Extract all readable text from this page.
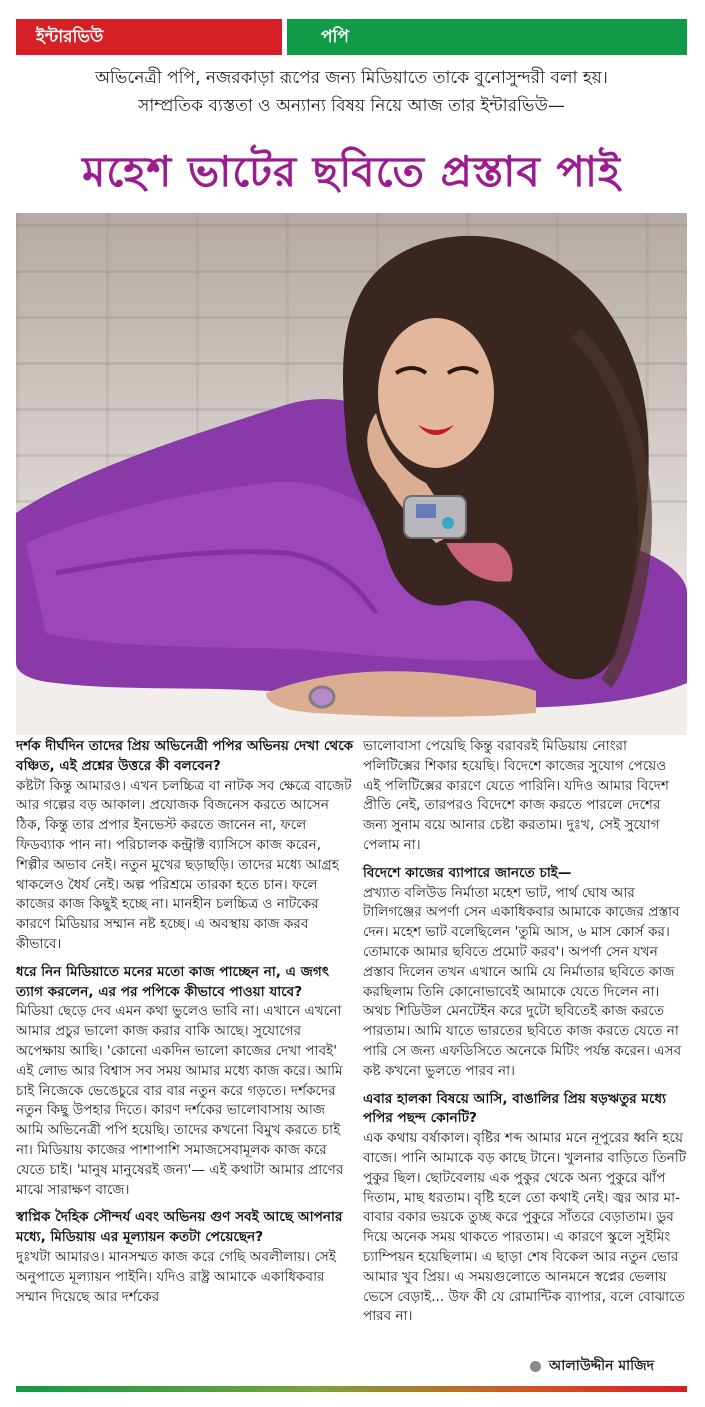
ইন্টারভিউ	পপি
অভিনেত্রী পপি, নজরকাড়া রূপের জন্য মিডিয়াতে তাকে বুনোসুন্দরী বলা হয়।
সাম্প্রতিক ব্যস্ততা ও অন্যান্য বিষয় নিয়ে আজ তার ইন্টারভিউ—
মহেশ ভাটের ছবিতে প্রস্তাব পাই

দর্শক দীর্ঘদিন তাদের প্রিয় অভিনেত্রী পপির অভিনয় দেখা থেকে বঞ্চিত, এই প্রশ্নের উত্তরে কী বলবেন?

কষ্টটা কিন্তু আমারও। এখন চলচ্চিত্র বা নাটক সব ক্ষেত্রে বাজেট আর গল্পের বড় আকাল। প্রযোজক বিজনেস করতে আসেন ঠিক, কিন্তু তার প্রপার ইনভেস্ট করতে জানেন না, ফলে ফিডব্যাক পান না। পরিচালক কন্ট্রাক্ট ব্যাসিসে কাজ করেন, শিল্পীর অভাব নেই। নতুন মুখের ছড়াছড়ি। তাদের মধ্যে আগ্রহ থাকলেও ধৈর্য নেই। অল্প পরিশ্রমে তারকা হতে চান। ফলে কাজের কাজ কিছুই হচ্ছে না। মানহীন চলচ্চিত্র ও নাটকের কারণে মিডিয়ার সম্মান নষ্ট হচ্ছে। এ অবস্থায় কাজ করব কীভাবে।

ধরে নিন মিডিয়াতে মনের মতো কাজ পাচ্ছেন না, এ জগৎ ত্যাগ করলেন, এর পর পপিকে কীভাবে পাওয়া যাবে?

মিডিয়া ছেড়ে দেব এমন কথা ভুলেও ভাবি না। এখানে এখনো আমার প্রচুর ভালো কাজ করার বাকি আছে। সুযোগের অপেক্ষায় আছি। 'কোনো একদিন ভালো কাজের দেখা পাবই' এই লোভ আর বিশ্বাস সব সময় আমার মধ্যে কাজ করে। আমি চাই নিজেকে ভেঙেচুরে বার বার নতুন করে গড়তে। দর্শকদের নতুন কিছু উপহার দিতে। কারণ দর্শকের ভালোবাসায় আজ আমি অভিনেত্রী পপি হয়েছি। তাদের কখনো বিমুখ করতে চাই না। মিডিয়ায় কাজের পাশাপাশি সমাজসেবামূলক কাজ করে যেতে চাই। 'মানুষ মানুষেরই জন্য'— এই কথাটা আমার প্রাণের মাঝে সারাক্ষণ বাজে।

স্বাপ্নিক দৈহিক সৌন্দর্য এবং অভিনয় গুণ সবই আছে আপনার মধ্যে, মিডিয়ায় এর মূল্যায়ন কতটা পেয়েছেন?

দুঃখটা আমারও। মানসম্মত কাজ করে গেছি অবলীলায়। সেই অনুপাতে মূল্যায়ন পাইনি। যদিও রাষ্ট্র আমাকে একাধিকবার সম্মান দিয়েছে আর দর্শকের

ভালোবাসা পেয়েছি কিন্তু বরাবরই মিডিয়ায় নোংরা পলিটিক্সের শিকার হয়েছি। বিদেশে কাজের সুযোগ পেয়েও এই পলিটিক্সের কারণে যেতে পারিনি। যদিও আমার বিদেশ প্রীতি নেই, তারপরও বিদেশে কাজ করতে পারলে দেশের জন্য সুনাম বয়ে আনার চেষ্টা করতাম। দুঃখ, সেই সুযোগ পেলাম না।

বিদেশে কাজের ব্যাপারে জানতে চাই—

প্রখ্যাত বলিউড নির্মাতা মহেশ ভাট, পার্থ ঘোষ আর টালিগঞ্জের অপর্ণা সেন একাধিকবার আমাকে কাজের প্রস্তাব দেন। মহেশ ভাট বলেছিলেন 'তুমি আস, ৬ মাস কোর্স কর। তোমাকে আমার ছবিতে প্রমোট করব'। অপর্ণা সেন যখন প্রস্তাব দিলেন তখন এখানে আমি যে নির্মাতার ছবিতে কাজ করছিলাম তিনি কোনোভাবেই আমাকে যেতে দিলেন না। অথচ শিডিউল মেনটেইন করে দুটো ছবিতেই কাজ করতে পারতাম। আমি যাতে ভারতের ছবিতে কাজ করতে যেতে না পারি সে জন্য এফডিসিতে অনেকে মিটিং পর্যন্ত করেন। এসব কষ্ট কখনো ভুলতে পারব না।

এবার হালকা বিষয়ে আসি, বাঙালির প্রিয় ষড়ঋতুর মধ্যে পপির পছন্দ কোনটি?

এক কথায় বর্ষাকাল। বৃষ্টির শব্দ আমার মনে নূপুরের ধ্বনি হয়ে বাজে। পানি আমাকে বড় কাছে টানে। খুলনার বাড়িতে তিনটি পুকুর ছিল। ছোটবেলায় এক পুকুর থেকে অন্য পুকুরে ঝাঁপ দিতাম, মাছ ধরতাম। বৃষ্টি হলে তো কথাই নেই। জ্বর আর মা-বাবার বকার ভয়কে তুচ্ছ করে পুকুরে সাঁতরে বেড়াতাম। ডুব দিয়ে অনেক সময় থাকতে পারতাম। এ কারণে স্কুলে সুইমিং চ্যাম্পিয়ন হয়েছিলাম। এ ছাড়া শেষ বিকেল আর নতুন ভোর আমার খুব প্রিয়। এ সময়গুলোতে আনমনে স্বপ্নের ভেলায় ভেসে বেড়াই... উফ কী যে রোমান্টিক ব্যাপার, বলে বোঝাতে পারব না।

আলাউদ্দীন মাজিদ
